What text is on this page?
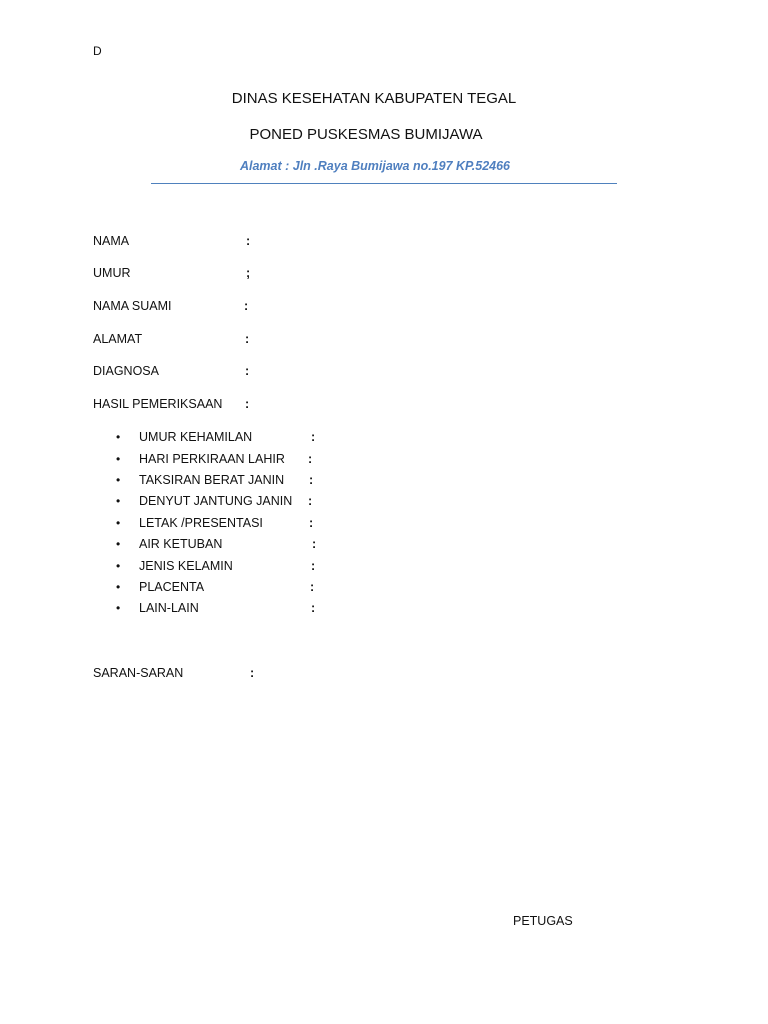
D
DINAS KESEHATAN KABUPATEN TEGAL
PONED PUSKESMAS BUMIJAWA
Alamat : Jln .Raya Bumijawa no.197 KP.52466
NAMA	:
UMUR	;
NAMA SUAMI	:
ALAMAT	:
DIAGNOSA	:
HASIL PEMERIKSAAN :
• UMUR KEHAMILAN	:
• HARI PERKIRAAN LAHIR :
• TAKSIRAN BERAT JANIN :
• DENYUT JANTUNG JANIN :
• LETAK /PRESENTASI	:
• AIR KETUBAN	:
• JENIS KELAMIN	:
• PLACENTA	:
• LAIN-LAIN	:
SARAN-SARAN	:
PETUGAS
